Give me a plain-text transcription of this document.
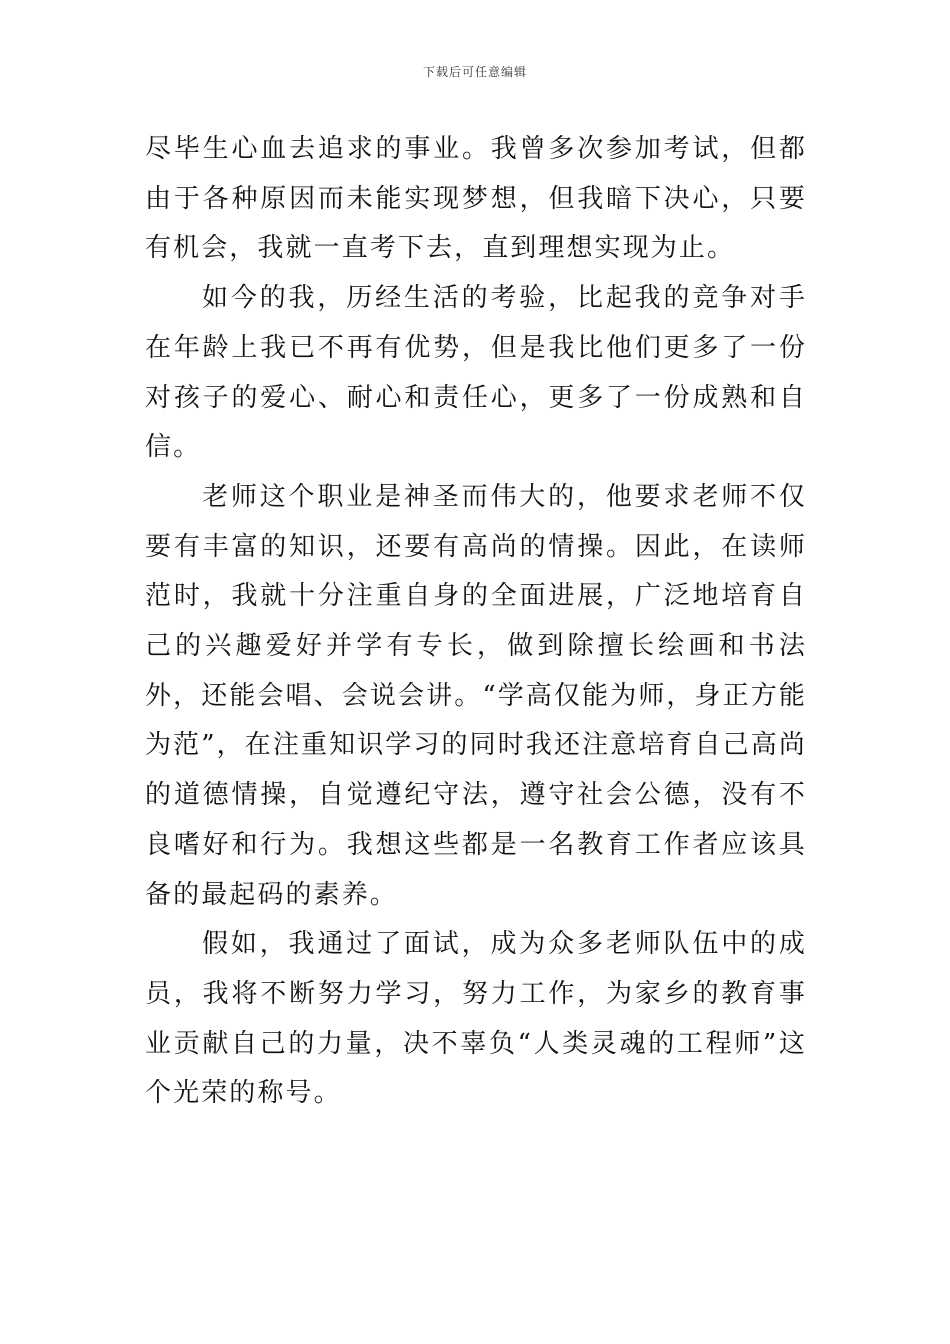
下载后可任意编辑

尽毕生心血去追求的事业。我曾多次参加考试，但都由于各种原因而未能实现梦想，但我暗下决心，只要有机会，我就一直考下去，直到理想实现为止。

如今的我，历经生活的考验，比起我的竞争对手在年龄上我已不再有优势，但是我比他们更多了一份对孩子的爱心、耐心和责任心，更多了一份成熟和自信。

老师这个职业是神圣而伟大的，他要求老师不仅要有丰富的知识，还要有高尚的情操。因此，在读师范时，我就十分注重自身的全面进展，广泛地培育自己的兴趣爱好并学有专长，做到除擅长绘画和书法外，还能会唱、会说会讲。“学高仅能为师，身正方能为范”，在注重知识学习的同时我还注意培育自己高尚的道德情操，自觉遵纪守法，遵守社会公德，没有不良嗜好和行为。我想这些都是一名教育工作者应该具备的最起码的素养。

假如，我通过了面试，成为众多老师队伍中的成员，我将不断努力学习，努力工作，为家乡的教育事业贡献自己的力量，决不辜负“人类灵魂的工程师”这个光荣的称号。
